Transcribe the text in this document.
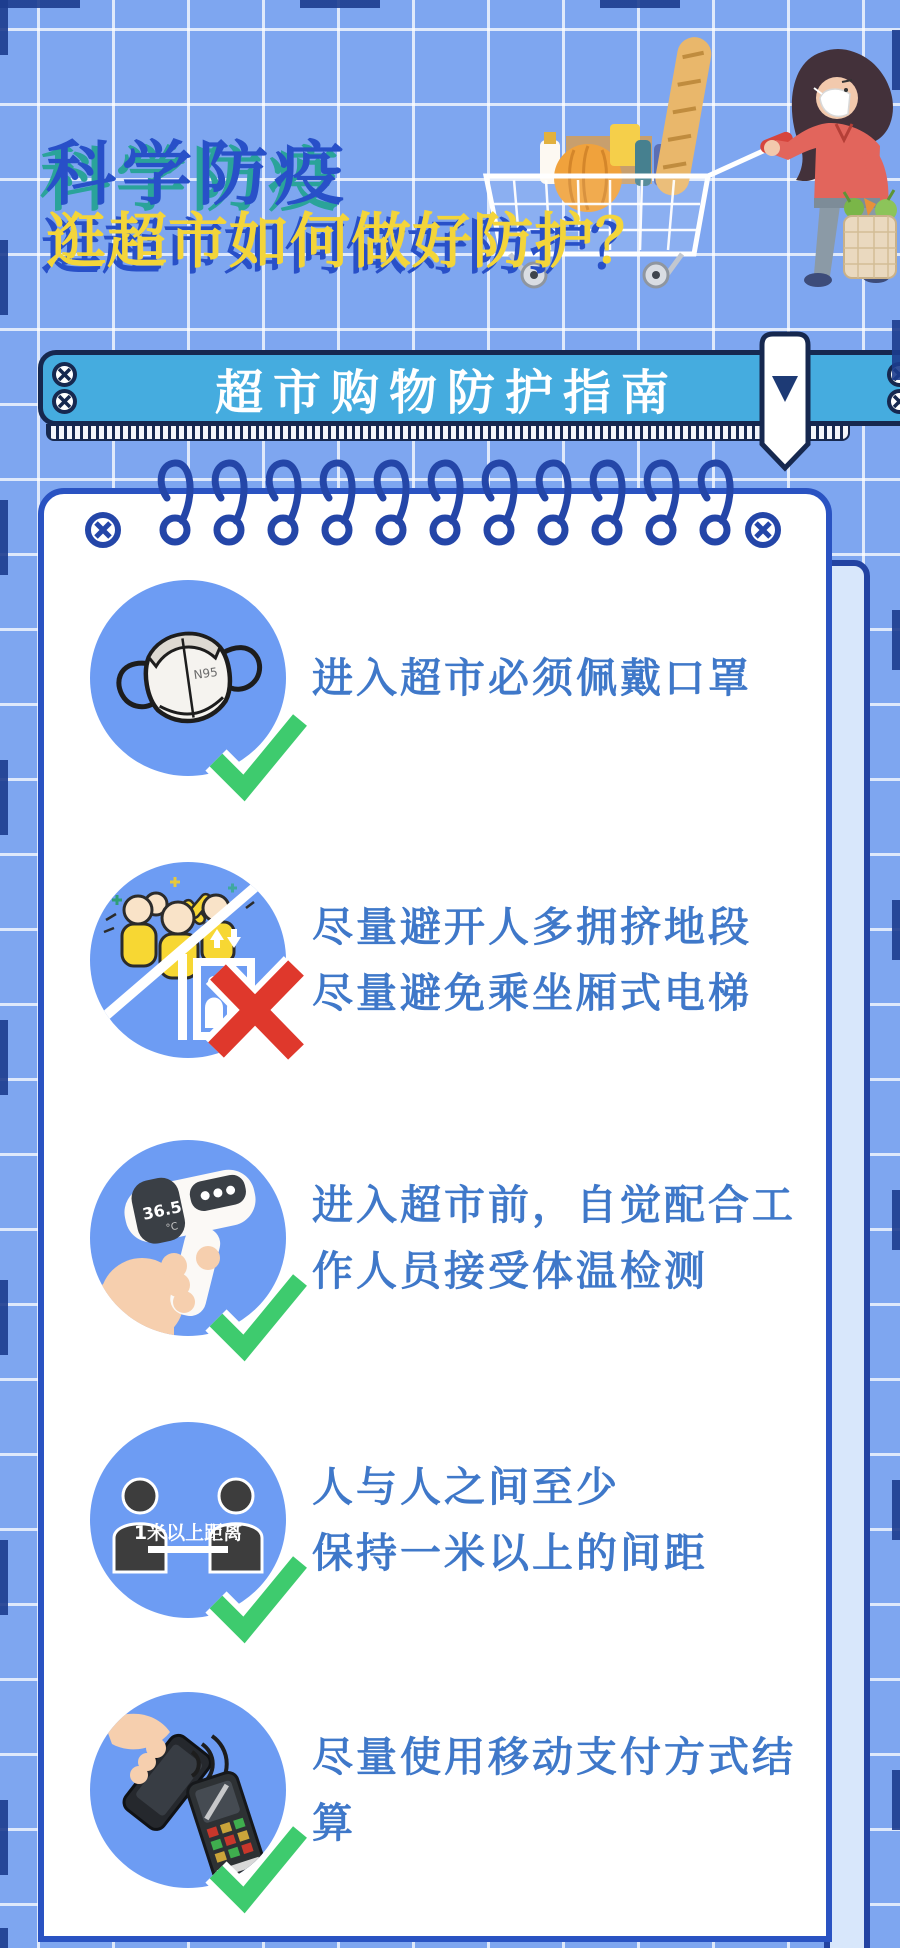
科学防疫
逛超市如何做好防护？
超市购物防护指南
N95 进入超市必须佩戴口罩

尽量避开人多拥挤地段

尽量避免乘坐厢式电梯

36.5
°C	进入超市前，自觉配合工

作人员接受体温检测

1米以上距离

人与人之间至少

保持一米以上的间距

尽量使用移动支付方式结

算
